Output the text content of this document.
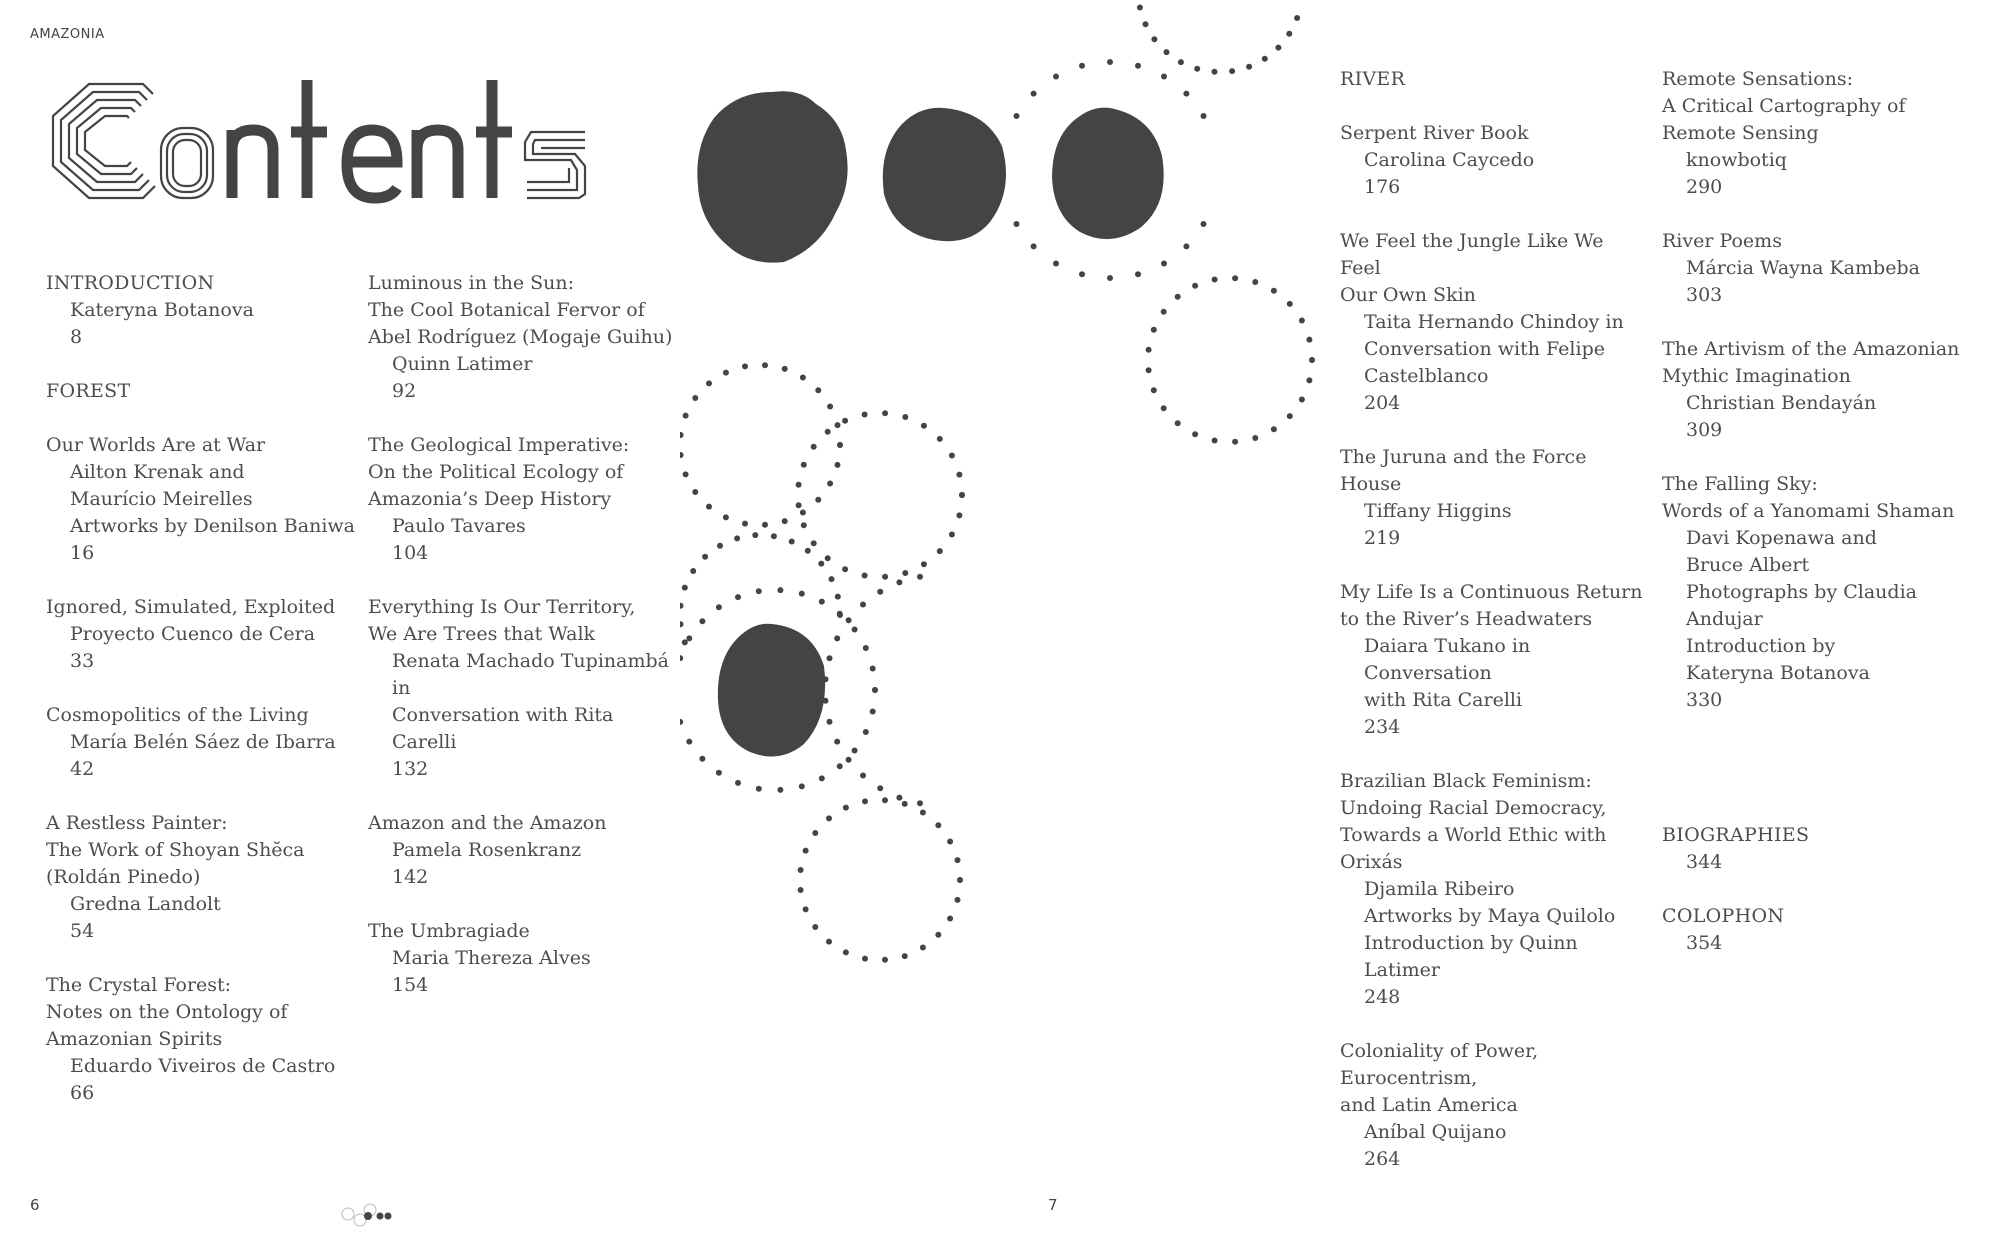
AMAZONIA
INTRODUCTION
Kateryna Botanova
8
FOREST
Our Worlds Are at War
Ailton Krenak and
Maurício Meirelles
Artworks by Denilson Baniwa
16
Ignored, Simulated, Exploited
Proyecto Cuenco de Cera
33
Cosmopolitics of the Living
María Belén Sáez de Ibarra
42
A Restless Painter:
The Work of Shoyan Shĕca
(Roldán Pinedo)
Gredna Landolt
54
The Crystal Forest:
Notes on the Ontology of
Amazonian Spirits
Eduardo Viveiros de Castro
66
Luminous in the Sun:
The Cool Botanical Fervor of
Abel Rodríguez (Mogaje Guihu)
Quinn Latimer
92
The Geological Imperative:
On the Political Ecology of
Amazonia’s Deep History
Paulo Tavares
104
Everything Is Our Territory,
We Are Trees that Walk
Renata Machado Tupinambá in
Conversation with Rita Carelli
132
Amazon and the Amazon
Pamela Rosenkranz
142
The Umbragiade
Maria Thereza Alves
154
RIVER
Serpent River Book
Carolina Caycedo
176
We Feel the Jungle Like We Feel
Our Own Skin
Taita Hernando Chindoy in
Conversation with Felipe
Castelblanco
204
The Juruna and the Force House
Tiffany Higgins
219
My Life Is a Continuous Return
to the River’s Headwaters
Daiara Tukano in Conversation
with Rita Carelli
234
Brazilian Black Feminism:
Undoing Racial Democracy,
Towards a World Ethic with
Orixás
Djamila Ribeiro
Artworks by Maya Quilolo
Introduction by Quinn Latimer
248
Coloniality of Power, Eurocentrism,
and Latin America
Aníbal Quijano
264
Remote Sensations:
A Critical Cartography of
Remote Sensing
knowbotiq
290
River Poems
Márcia Wayna Kambeba
303
The Artivism of the Amazonian
Mythic Imagination
Christian Bendayán
309
The Falling Sky:
Words of a Yanomami Shaman
Davi Kopenawa and
Bruce Albert
Photographs by Claudia Andujar
Introduction by
Kateryna Botanova
330
BIOGRAPHIES
344
COLOPHON
354
6	7
